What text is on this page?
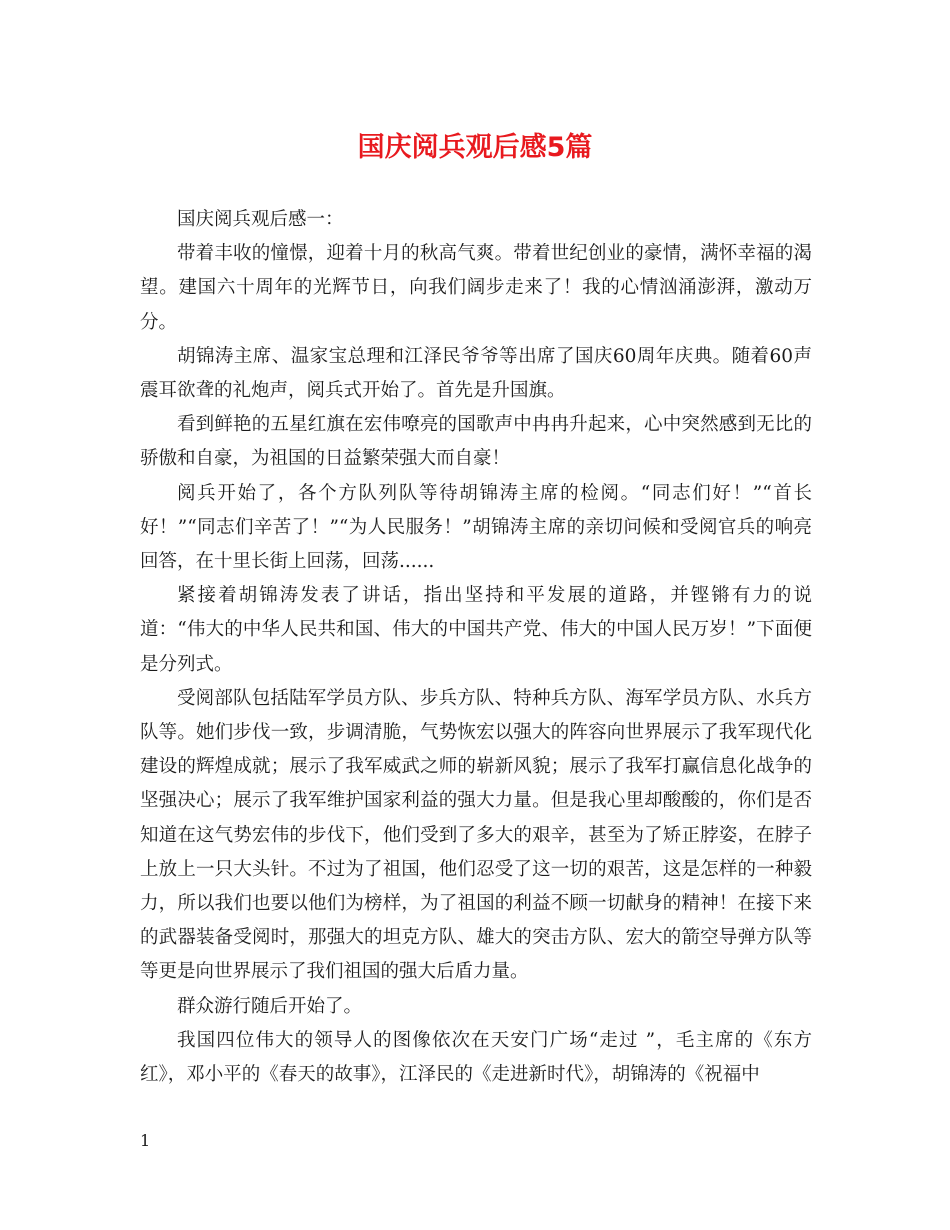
国庆阅兵观后感5篇

国庆阅兵观后感一：

带着丰收的憧憬，迎着十月的秋高气爽。带着世纪创业的豪情，满怀幸福的渴望。建国六十周年的光辉节日，向我们阔步走来了！我的心情汹涌澎湃，激动万分。

胡锦涛主席、温家宝总理和江泽民爷爷等出席了国庆60周年庆典。随着60声震耳欲聋的礼炮声，阅兵式开始了。首先是升国旗。

看到鲜艳的五星红旗在宏伟嘹亮的国歌声中冉冉升起来，心中突然感到无比的骄傲和自豪，为祖国的日益繁荣强大而自豪！

阅兵开始了，各个方队列队等待胡锦涛主席的检阅。“同志们好！”“首长好！”“同志们辛苦了！”“为人民服务！”胡锦涛主席的亲切问候和受阅官兵的响亮回答，在十里长街上回荡，回荡......

紧接着胡锦涛发表了讲话，指出坚持和平发展的道路，并铿锵有力的说道：“伟大的中华人民共和国、伟大的中国共产党、伟大的中国人民万岁！”下面便是分列式。

受阅部队包括陆军学员方队、步兵方队、特种兵方队、海军学员方队、水兵方队等。她们步伐一致，步调清脆，气势恢宏以强大的阵容向世界展示了我军现代化建设的辉煌成就；展示了我军威武之师的崭新风貌；展示了我军打赢信息化战争的坚强决心；展示了我军维护国家利益的强大力量。但是我心里却酸酸的，你们是否知道在这气势宏伟的步伐下，他们受到了多大的艰辛，甚至为了矫正脖姿，在脖子上放上一只大头针。不过为了祖国，他们忍受了这一切的艰苦，这是怎样的一种毅力，所以我们也要以他们为榜样，为了祖国的利益不顾一切献身的精神！在接下来的武器装备受阅时，那强大的坦克方队、雄大的突击方队、宏大的箭空导弹方队等等更是向世界展示了我们祖国的强大后盾力量。

群众游行随后开始了。

我国四位伟大的领导人的图像依次在天安门广场“走过 ”，毛主席的《东方红》，邓小平的《春天的故事》，江泽民的《走进新时代》，胡锦涛的《祝福中

1
